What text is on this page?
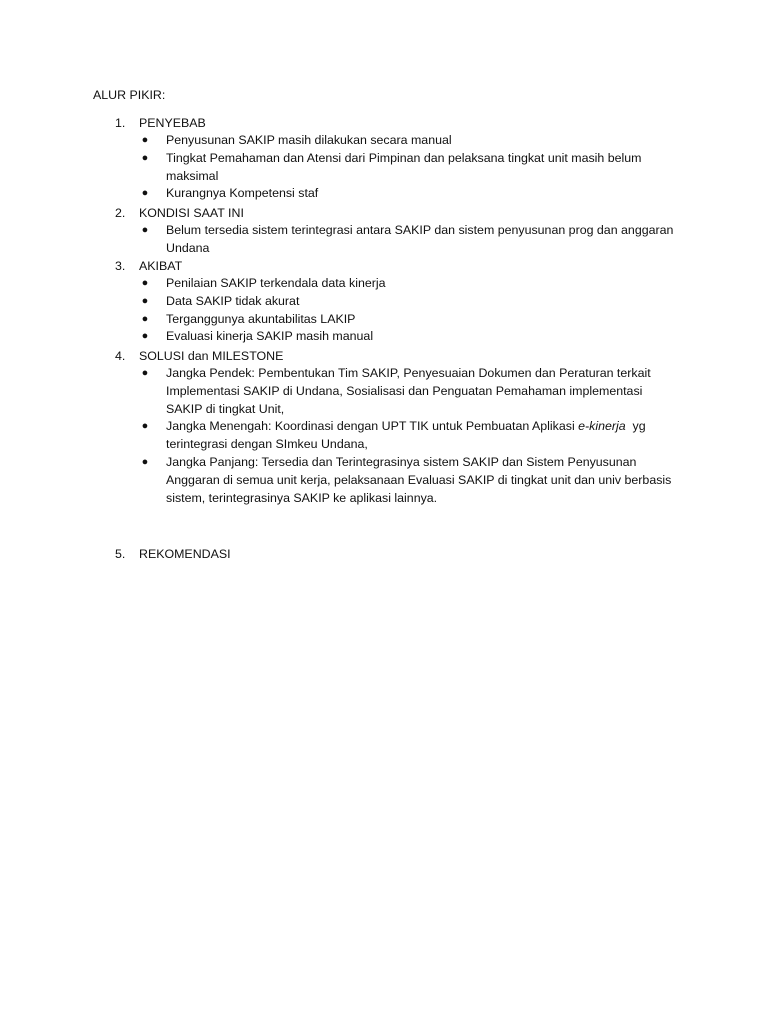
ALUR PIKIR:
1.	PENYEBAB
● Penyusunan SAKIP masih dilakukan secara manual
● Tingkat Pemahaman dan Atensi dari Pimpinan dan pelaksana tingkat unit masih belum maksimal
● Kurangnya Kompetensi staf
2.	KONDISI SAAT INI
● Belum tersedia sistem terintegrasi antara SAKIP dan sistem penyusunan prog dan anggaran Undana
3.	AKIBAT
● Penilaian SAKIP terkendala data kinerja
● Data SAKIP tidak akurat
● Terganggunya akuntabilitas LAKIP
● Evaluasi kinerja SAKIP masih manual
4.	SOLUSI dan MILESTONE
● Jangka Pendek: Pembentukan Tim SAKIP, Penyesuaian Dokumen dan Peraturan terkait Implementasi SAKIP di Undana, Sosialisasi dan Penguatan Pemahaman implementasi SAKIP di tingkat Unit,
● Jangka Menengah: Koordinasi dengan UPT TIK untuk Pembuatan Aplikasi e-kinerja  yg terintegrasi dengan SImkeu Undana,
● Jangka Panjang: Tersedia dan Terintegrasinya sistem SAKIP dan Sistem Penyusunan Anggaran di semua unit kerja, pelaksanaan Evaluasi SAKIP di tingkat unit dan univ berbasis sistem, terintegrasinya SAKIP ke aplikasi lainnya.
5.	REKOMENDASI
